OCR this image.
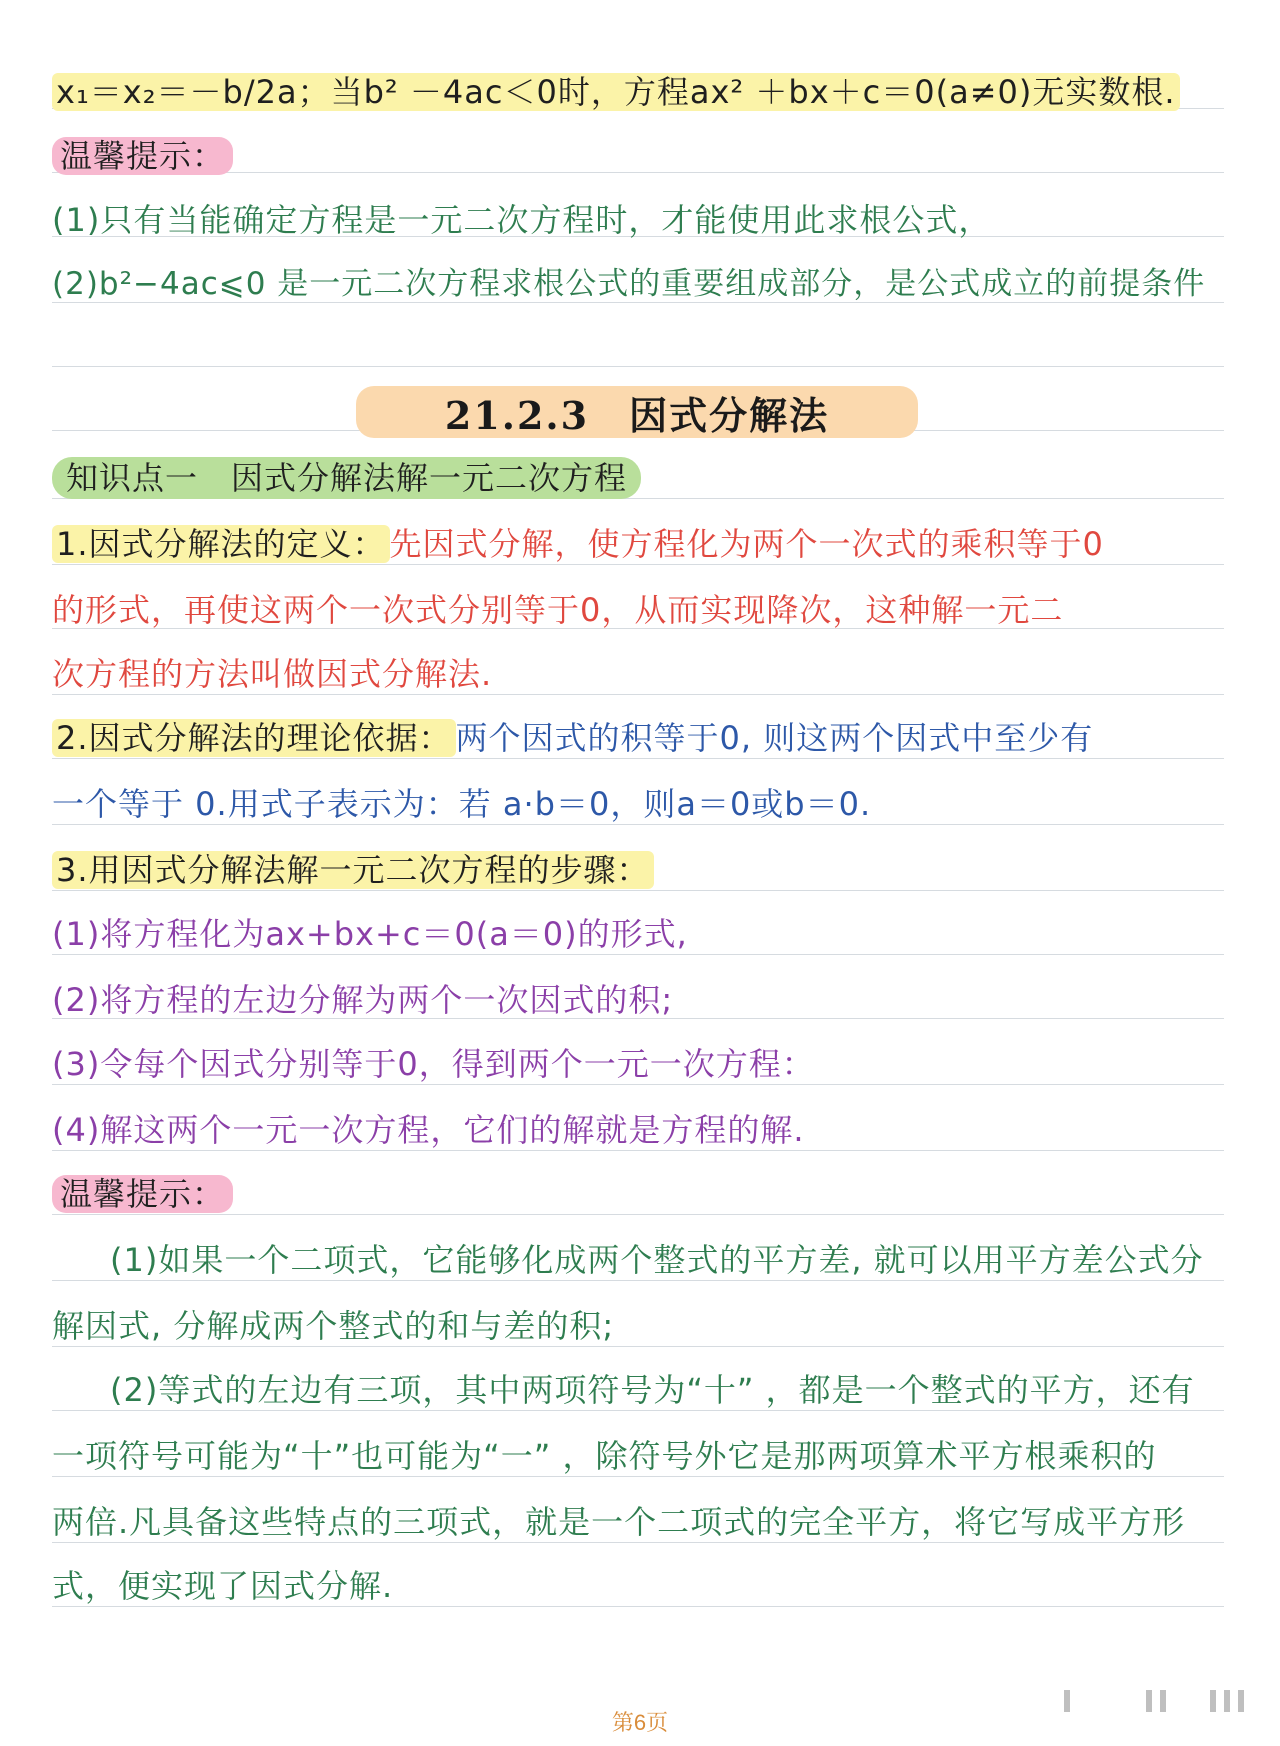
x₁＝x₂＝－b/2a；当b² －4ac＜0时，方程ax² ＋bx＋c＝0(a≠0)无实数根.
温馨提示：
(1)只有当能确定方程是一元二次方程时，才能使用此求根公式，
(2)b²−4ac⩽0 是一元二次方程求根公式的重要组成部分，是公式成立的前提条件
21.2.3　因式分解法
知识点一　因式分解法解一元二次方程
1.因式分解法的定义： 先因式分解，使方程化为两个一次式的乘积等于0
的形式，再使这两个一次式分别等于0，从而实现降次，这种解一元二
次方程的方法叫做因式分解法.
2.因式分解法的理论依据： 两个因式的积等于0, 则这两个因式中至少有
一个等于 0.用式子表示为：若 a·b＝0，则a＝0或b＝0.
3.用因式分解法解一元二次方程的步骤：
(1)将方程化为ax+bx+c＝0(a＝0)的形式,
(2)将方程的左边分解为两个一次因式的积;
(3)令每个因式分别等于0，得到两个一元一次方程：
(4)解这两个一元一次方程，它们的解就是方程的解.
温馨提示：
(1)如果一个二项式，它能够化成两个整式的平方差, 就可以用平方差公式分
解因式, 分解成两个整式的和与差的积;
(2)等式的左边有三项，其中两项符号为“十” ，都是一个整式的平方，还有
一项符号可能为“十”也可能为“一” ，除符号外它是那两项算术平方根乘积的
两倍.凡具备这些特点的三项式，就是一个二项式的完全平方，将它写成平方形
式，便实现了因式分解.
第6页
